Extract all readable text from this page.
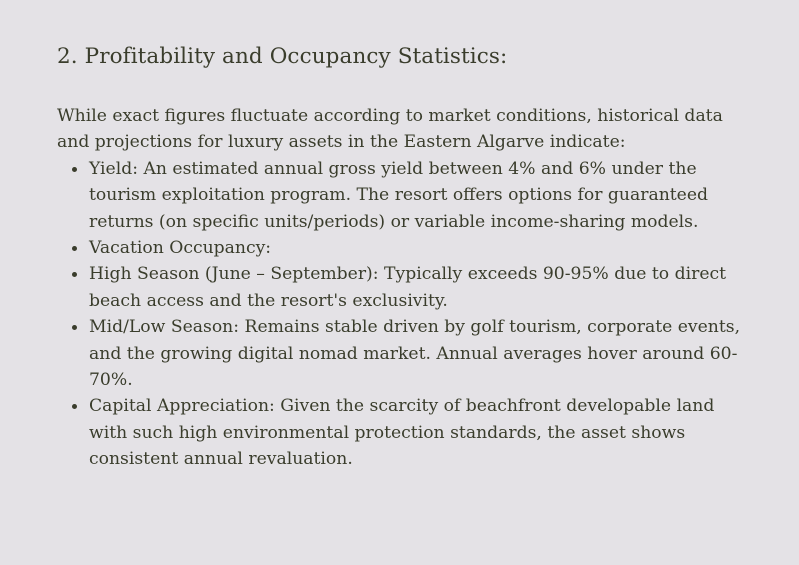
2. Profitability and Occupancy Statistics:

While exact figures fluctuate according to market conditions, historical data and projections for luxury assets in the Eastern Algarve indicate:

Yield: An estimated annual gross yield between 4% and 6% under the tourism exploitation program. The resort offers options for guaranteed returns (on specific units/periods) or variable income-sharing models.
Vacation Occupancy:
High Season (June – September): Typically exceeds 90-95% due to direct beach access and the resort's exclusivity.
Mid/Low Season: Remains stable driven by golf tourism, corporate events, and the growing digital nomad market. Annual averages hover around 60-70%.
Capital Appreciation: Given the scarcity of beachfront developable land with such high environmental protection standards, the asset shows consistent annual revaluation.
